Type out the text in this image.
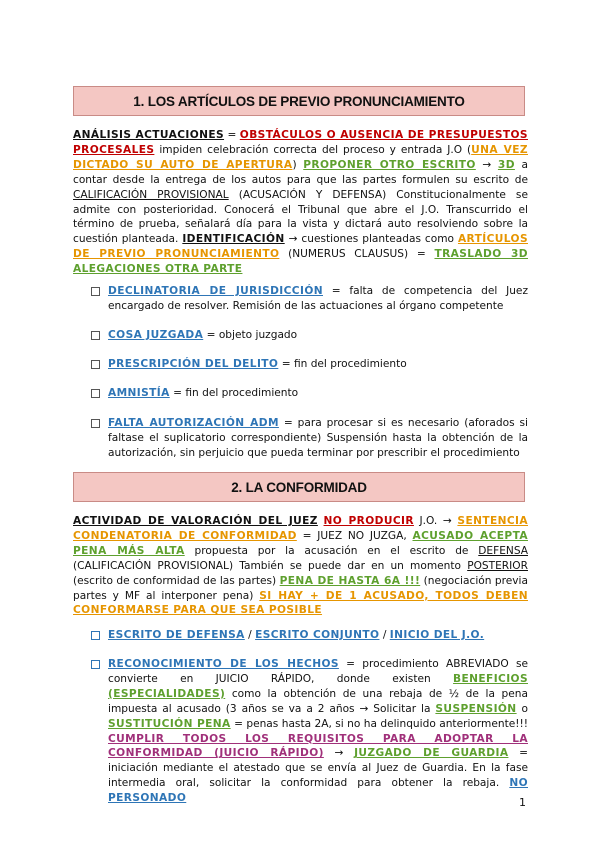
1. LOS ARTÍCULOS DE PREVIO PRONUNCIAMIENTO
ANÁLISIS ACTUACIONES = OBSTÁCULOS O AUSENCIA DE PRESUPUESTOS PROCESALES impiden celebración correcta del proceso y entrada J.O (UNA VEZ DICTADO SU AUTO DE APERTURA) PROPONER OTRO ESCRITO → 3D a contar desde la entrega de los autos para que las partes formulen su escrito de CALIFICACIÓN PROVISIONAL (ACUSACIÓN Y DEFENSA) Constitucionalmente se admite con posterioridad. Conocerá el Tribunal que abre el J.O. Transcurrido el término de prueba, señalará día para la vista y dictará auto resolviendo sobre la cuestión planteada. IDENTIFICACIÓN → cuestiones planteadas como ARTÍCULOS DE PREVIO PRONUNCIAMIENTO (NUMERUS CLAUSUS) = TRASLADO 3D ALEGACIONES OTRA PARTE
DECLINATORIA DE JURISDICCIÓN = falta de competencia del Juez encargado de resolver. Remisión de las actuaciones al órgano competente
COSA JUZGADA = objeto juzgado
PRESCRIPCIÓN DEL DELITO = fin del procedimiento
AMNISTÍA = fin del procedimiento
FALTA AUTORIZACIÓN ADM = para procesar si es necesario (aforados si faltase el suplicatorio correspondiente) Suspensión hasta la obtención de la autorización, sin perjuicio que pueda terminar por prescribir el procedimiento
2. LA CONFORMIDAD
ACTIVIDAD DE VALORACIÓN DEL JUEZ NO PRODUCIR J.O. → SENTENCIA CONDENATORIA DE CONFORMIDAD = JUEZ NO JUZGA, ACUSADO ACEPTA PENA MÁS ALTA propuesta por la acusación en el escrito de DEFENSA (CALIFICACIÓN PROVISIONAL) También se puede dar en un momento POSTERIOR (escrito de conformidad de las partes) PENA DE HASTA 6A !!! (negociación previa partes y MF al interponer pena) SI HAY + DE 1 ACUSADO, TODOS DEBEN CONFORMARSE PARA QUE SEA POSIBLE
ESCRITO DE DEFENSA / ESCRITO CONJUNTO / INICIO DEL J.O.
RECONOCIMIENTO DE LOS HECHOS = procedimiento ABREVIADO se convierte en JUICIO RÁPIDO, donde existen BENEFICIOS (ESPECIALIDADES) como la obtención de una rebaja de ½ de la pena impuesta al acusado (3 años se va a 2 años → Solicitar la SUSPENSIÓN o SUSTITUCIÓN PENA = penas hasta 2A, si no ha delinquido anteriormente!!! CUMPLIR TODOS LOS REQUISITOS PARA ADOPTAR LA CONFORMIDAD (JUICIO RÁPIDO) → JUZGADO DE GUARDIA = iniciación mediante el atestado que se envía al Juez de Guardia. En la fase intermedia oral, solicitar la conformidad para obtener la rebaja. NO PERSONADO	1
